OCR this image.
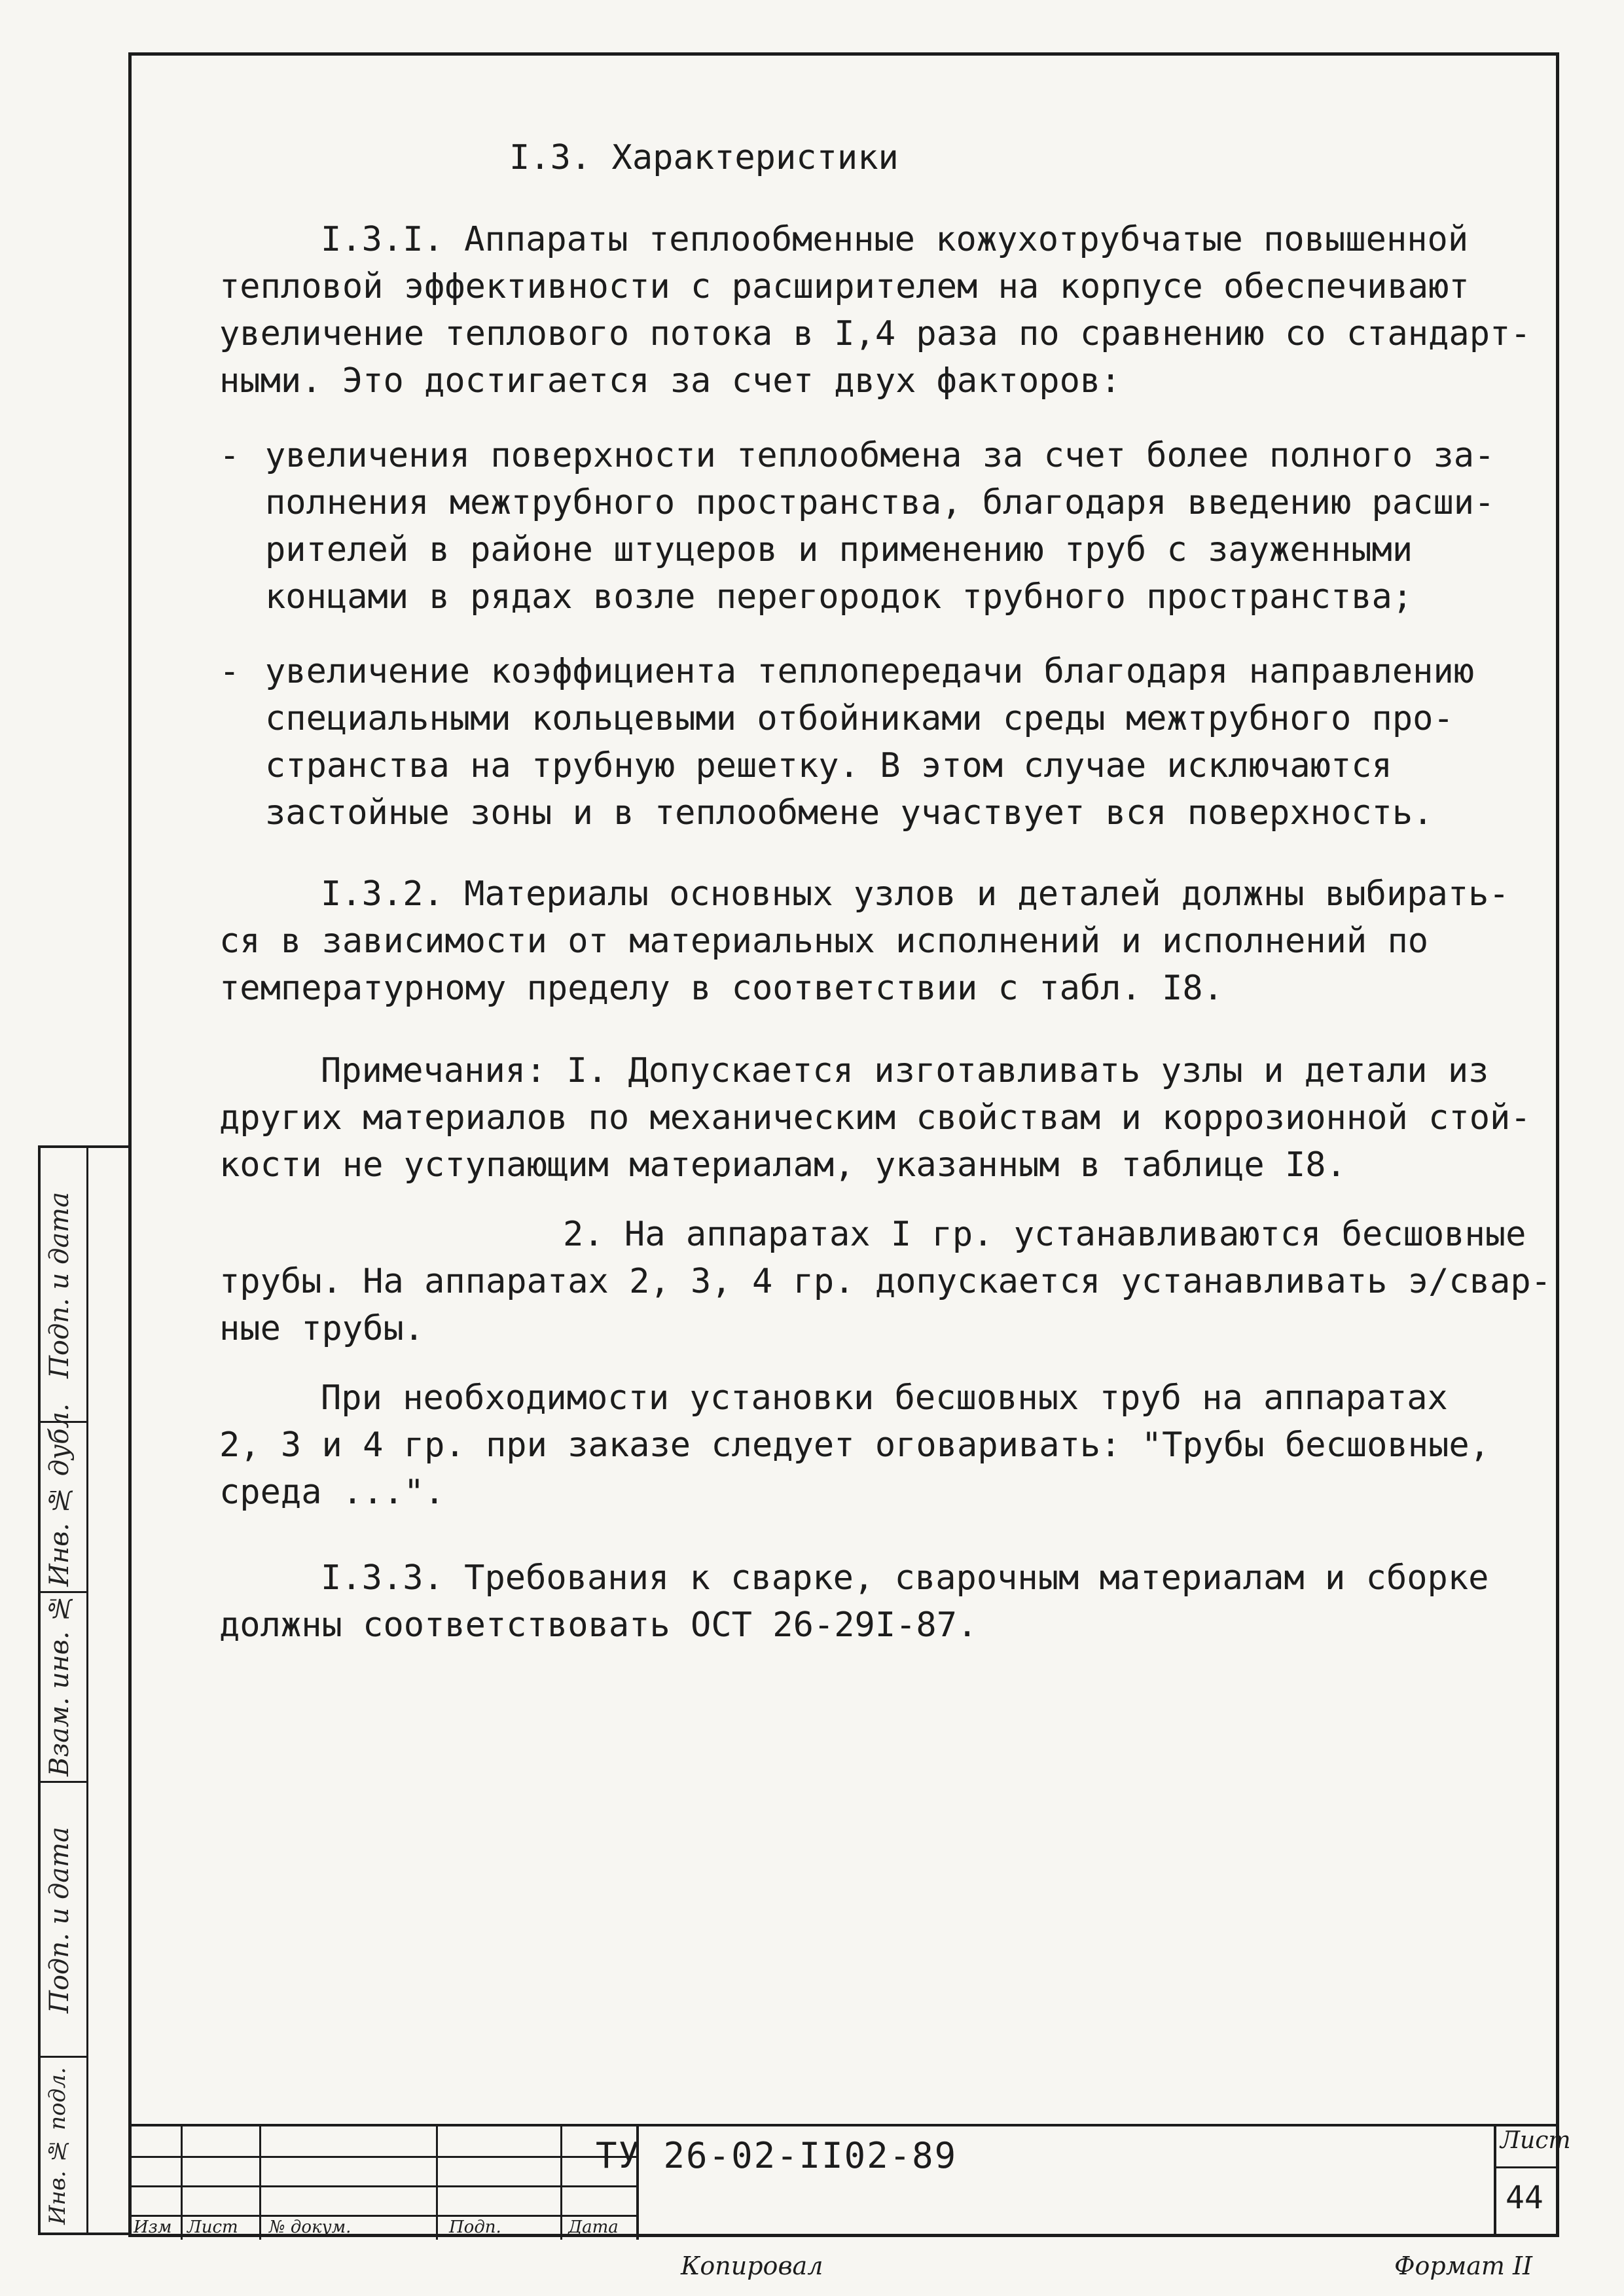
I.3. Характеристики
I.3.I. Аппараты теплообменные кожухотрубчатые повышенной
тепловой эффективности с расширителем на корпусе обеспечивают
увеличение теплового потока в I,4 раза по сравнению со стандарт-
ными. Это достигается за счет двух факторов:
- увеличения поверхности теплообмена за счет более полного за-
полнения межтрубного пространства, благодаря введению расши-
рителей в районе штуцеров и применению труб с зауженными
концами в рядах возле перегородок трубного пространства;
- увеличение коэффициента теплопередачи благодаря направлению
специальными кольцевыми отбойниками среды межтрубного про-
странства на трубную решетку. В этом случае исключаются
застойные зоны и в теплообмене участвует вся поверхность.
I.3.2. Материалы основных узлов и деталей должны выбирать-
ся в зависимости от материальных исполнений и исполнений по
температурному пределу в соответствии с табл. I8.
Примечания: I. Допускается изготавливать узлы и детали из
других материалов по механическим свойствам и коррозионной стой-
кости не уступающим материалам, указанным в таблице I8.
2. На аппаратах I гр. устанавливаются бесшовные
трубы. На аппаратах 2, 3, 4 гр. допускается устанавливать э/свар-
ные трубы.
При необходимости установки бесшовных труб на аппаратах
2, 3 и 4 гр. при заказе следует оговаривать: "Трубы бесшовные,
среда ...".
I.3.3. Требования к сварке, сварочным материалам и сборке
должны соответствовать ОСТ 26-29I-87.
Подп. и дата
Инв. № дубл.
Взам. инв. №
Подп. и дата
Инв. № подл.
Изм Лист № докум.	Подп.	Дата
ТУ 26-02-II02-89	Лист
44
Копировал	Формат II
